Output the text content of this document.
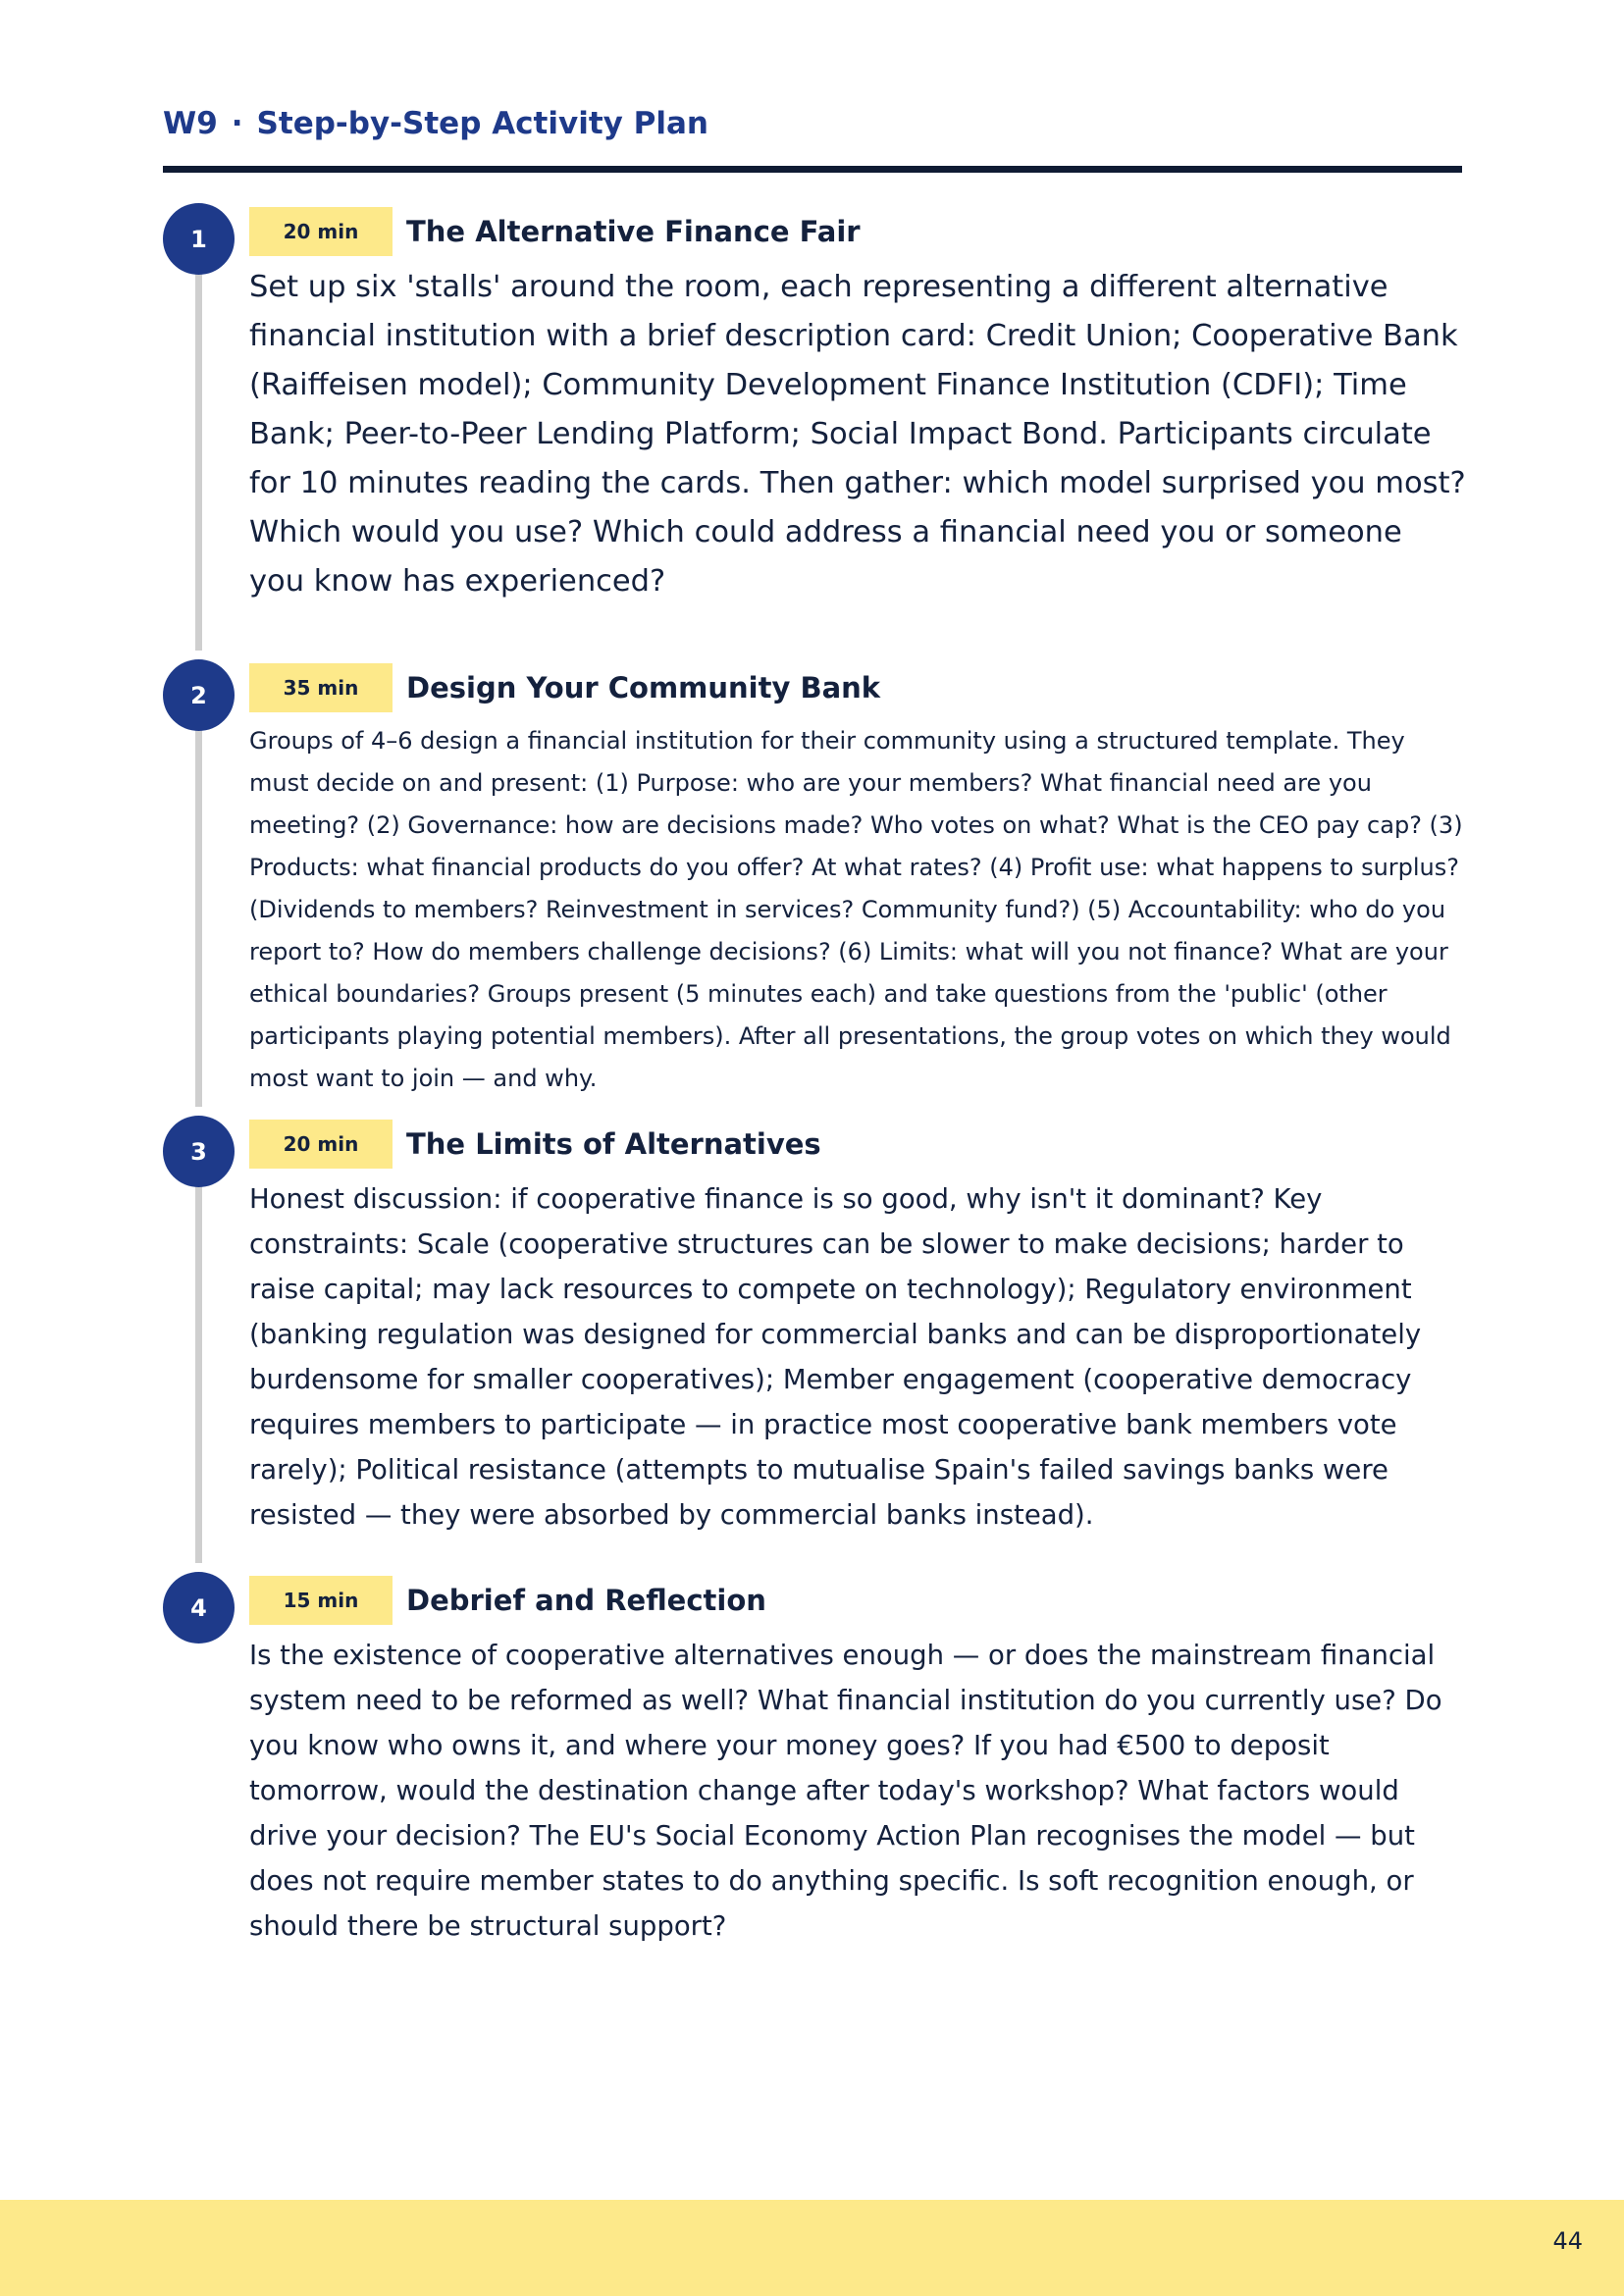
W9 · Step-by-Step Activity Plan
1	20 min	The Alternative Finance Fair
Set up six 'stalls' around the room, each representing a different alternative financial institution with a brief description card: Credit Union; Cooperative Bank (Raiffeisen model); Community Development Finance Institution (CDFI); Time Bank; Peer-to-Peer Lending Platform; Social Impact Bond. Participants circulate for 10 minutes reading the cards. Then gather: which model surprised you most? Which would you use? Which could address a financial need you or someone you know has experienced?
2	35 min	Design Your Community Bank
Groups of 4–6 design a financial institution for their community using a structured template. They must decide on and present: (1) Purpose: who are your members? What financial need are you meeting? (2) Governance: how are decisions made? Who votes on what? What is the CEO pay cap? (3) Products: what financial products do you offer? At what rates? (4) Profit use: what happens to surplus? (Dividends to members? Reinvestment in services? Community fund?) (5) Accountability: who do you report to? How do members challenge decisions? (6) Limits: what will you not finance? What are your ethical boundaries? Groups present (5 minutes each) and take questions from the 'public' (other participants playing potential members). After all presentations, the group votes on which they would most want to join — and why.
3	20 min	The Limits of Alternatives
Honest discussion: if cooperative finance is so good, why isn't it dominant? Key constraints: Scale (cooperative structures can be slower to make decisions; harder to raise capital; may lack resources to compete on technology); Regulatory environment (banking regulation was designed for commercial banks and can be disproportionately burdensome for smaller cooperatives); Member engagement (cooperative democracy requires members to participate — in practice most cooperative bank members vote rarely); Political resistance (attempts to mutualise Spain's failed savings banks were resisted — they were absorbed by commercial banks instead).
4	15 min	Debrief and Reflection
Is the existence of cooperative alternatives enough — or does the mainstream financial system need to be reformed as well? What financial institution do you currently use? Do you know who owns it, and where your money goes? If you had €500 to deposit tomorrow, would the destination change after today's workshop? What factors would drive your decision? The EU's Social Economy Action Plan recognises the model — but does not require member states to do anything specific. Is soft recognition enough, or should there be structural support?
44
